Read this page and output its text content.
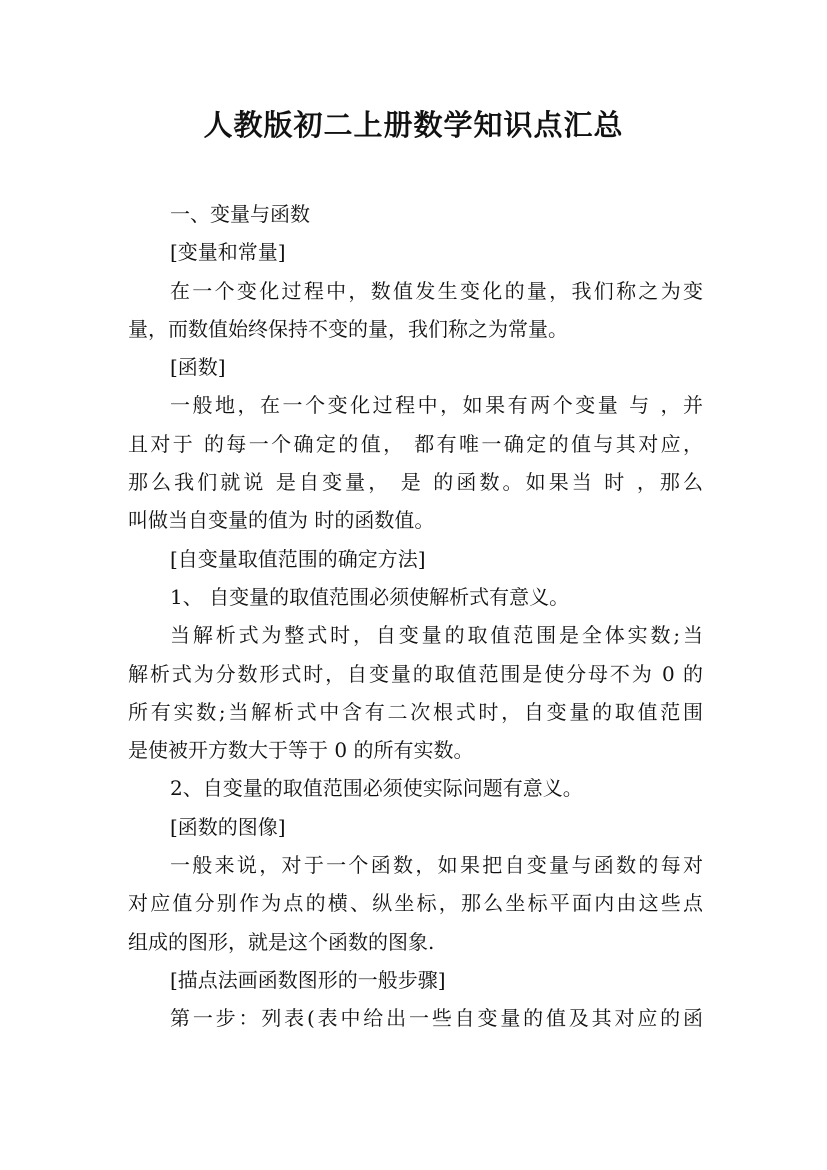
人教版初二上册数学知识点汇总
一、变量与函数
[变量和常量]
在一个变化过程中，数值发生变化的量，我们称之为变
量，而数值始终保持不变的量，我们称之为常量。
[函数]
一般地，在一个变化过程中，如果有两个变量 与 ，并
且对于 的每一个确定的值， 都有唯一确定的值与其对应，
那么我们就说 是自变量， 是 的函数。如果当 时 ，那么
叫做当自变量的值为 时的函数值。
[自变量取值范围的确定方法]
1、 自变量的取值范围必须使解析式有意义。
当解析式为整式时，自变量的取值范围是全体实数;当
解析式为分数形式时，自变量的取值范围是使分母不为 0 的
所有实数;当解析式中含有二次根式时，自变量的取值范围
是使被开方数大于等于 0 的所有实数。
2、自变量的取值范围必须使实际问题有意义。
[函数的图像]
一般来说，对于一个函数，如果把自变量与函数的每对
对应值分别作为点的横、纵坐标，那么坐标平面内由这些点
组成的图形，就是这个函数的图象.
[描点法画函数图形的一般步骤]
第一步：列表(表中给出一些自变量的值及其对应的函
